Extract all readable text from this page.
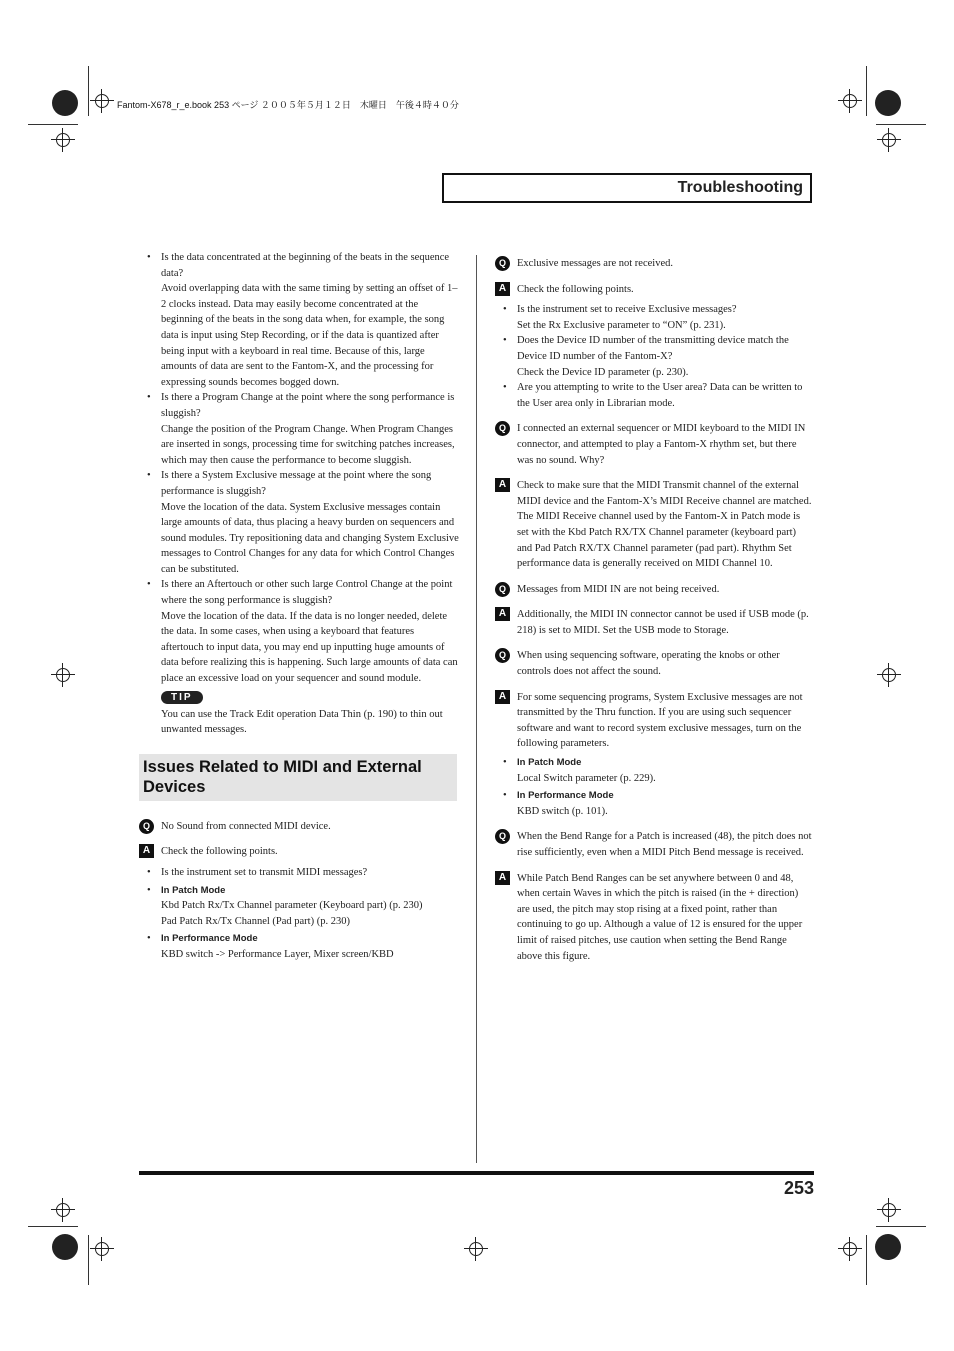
Fantom-X678_r_e.book 253 ページ ２００５年５月１２日　木曜日　午後４時４０分
Troubleshooting

• Is the data concentrated at the beginning of the beats in the sequence data?

Avoid overlapping data with the same timing by setting an offset of 1–2 clocks instead. Data may easily become concentrated at the beginning of the beats in the song data when, for example, the song data is input using Step Recording, or if the data is quantized after being input with a keyboard in real time. Because of this, large amounts of data are sent to the Fantom-X, and the processing for expressing sounds becomes bogged down.

• Is there a Program Change at the point where the song performance is sluggish?

Change the position of the Program Change. When Program Changes are inserted in songs, processing time for switching patches increases, which may then cause the performance to become sluggish.

• Is there a System Exclusive message at the point where the song performance is sluggish?

Move the location of the data. System Exclusive messages contain large amounts of data, thus placing a heavy burden on sequencers and sound modules. Try repositioning data and changing System Exclusive messages to Control Changes for any data for which Control Changes can be substituted.

• Is there an Aftertouch or other such large Control Change at the point where the song performance is sluggish?

Move the location of the data. If the data is no longer needed, delete the data. In some cases, when using a keyboard that features aftertouch to input data, you may end up inputting huge amounts of data before realizing this is happening. Such large amounts of data can place an excessive load on your sequencer and sound module.

TIP

You can use the Track Edit operation Data Thin (p. 190) to thin out unwanted messages.

Issues Related to MIDI and External Devices

Q	No Sound from connected MIDI device.

A	Check the following points.

• Is the instrument set to transmit MIDI messages?

• In Patch Mode

Kbd Patch Rx/Tx Channel parameter (Keyboard part) (p. 230)

Pad Patch Rx/Tx Channel (Pad part) (p. 230)

• In Performance Mode

KBD switch -> Performance Layer, Mixer screen/KBD

Q	Exclusive messages are not received.

A	Check the following points.

• Is the instrument set to receive Exclusive messages?

Set the Rx Exclusive parameter to “ON” (p. 231).

• Does the Device ID number of the transmitting device match the Device ID number of the Fantom-X?

Check the Device ID parameter (p. 230).

• Are you attempting to write to the User area? Data can be written to the User area only in Librarian mode.

Q	I connected an external sequencer or MIDI keyboard to the MIDI IN connector, and attempted to play a Fantom-X rhythm set, but there was no sound. Why?

A	Check to make sure that the MIDI Transmit channel of the external MIDI device and the Fantom-X’s MIDI Receive channel are matched. The MIDI Receive channel used by the Fantom-X in Patch mode is set with the Kbd Patch RX/TX Channel parameter (keyboard part) and Pad Patch RX/TX Channel parameter (pad part). Rhythm Set performance data is generally received on MIDI Channel 10.

Q	Messages from MIDI IN are not being received.

A	Additionally, the MIDI IN connector cannot be used if USB mode (p. 218) is set to MIDI. Set the USB mode to Storage.

Q	When using sequencing software, operating the knobs or other controls does not affect the sound.

A	For some sequencing programs, System Exclusive messages are not transmitted by the Thru function. If you are using such sequencer software and want to record system exclusive messages, turn on the following parameters.

• In Patch Mode

Local Switch parameter (p. 229).

• In Performance Mode

KBD switch (p. 101).

Q	When the Bend Range for a Patch is increased (48), the pitch does not rise sufficiently, even when a MIDI Pitch Bend message is received.

A	While Patch Bend Ranges can be set anywhere between 0 and 48, when certain Waves in which the pitch is raised (in the + direction) are used, the pitch may stop rising at a fixed point, rather than continuing to go up. Although a value of 12 is ensured for the upper limit of raised pitches, use caution when setting the Bend Range above this figure.

253
